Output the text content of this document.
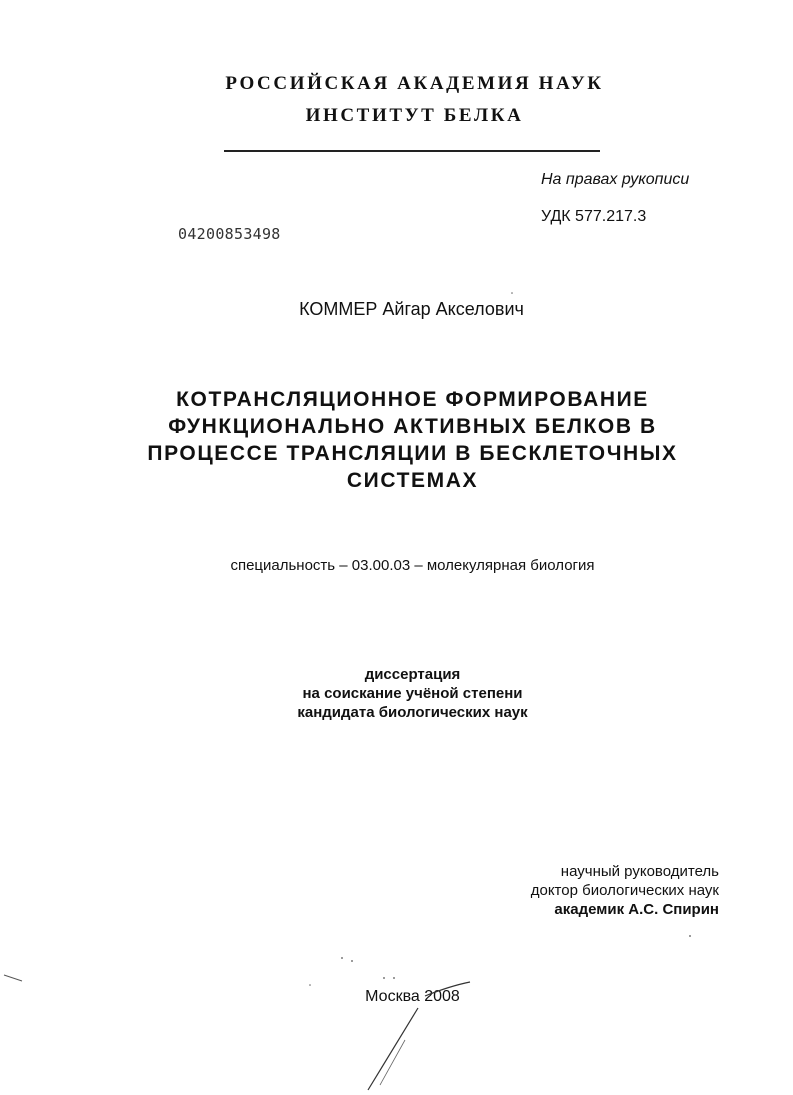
РОССИЙСКАЯ АКАДЕМИЯ НАУК
ИНСТИТУТ БЕЛКА
На правах рукописи
УДК 577.217.3
04200853498
КОММЕР Айгар Акселович
КОТРАНСЛЯЦИОННОЕ ФОРМИРОВАНИЕ
ФУНКЦИОНАЛЬНО АКТИВНЫХ БЕЛКОВ В
ПРОЦЕССЕ ТРАНСЛЯЦИИ В БЕСКЛЕТОЧНЫХ
СИСТЕМАХ
специальность – 03.00.03 – молекулярная биология
диссертация
на соискание учёной степени
кандидата биологических наук
научный руководитель
доктор биологических наук
академик А.С. Спирин
Москва 2008
